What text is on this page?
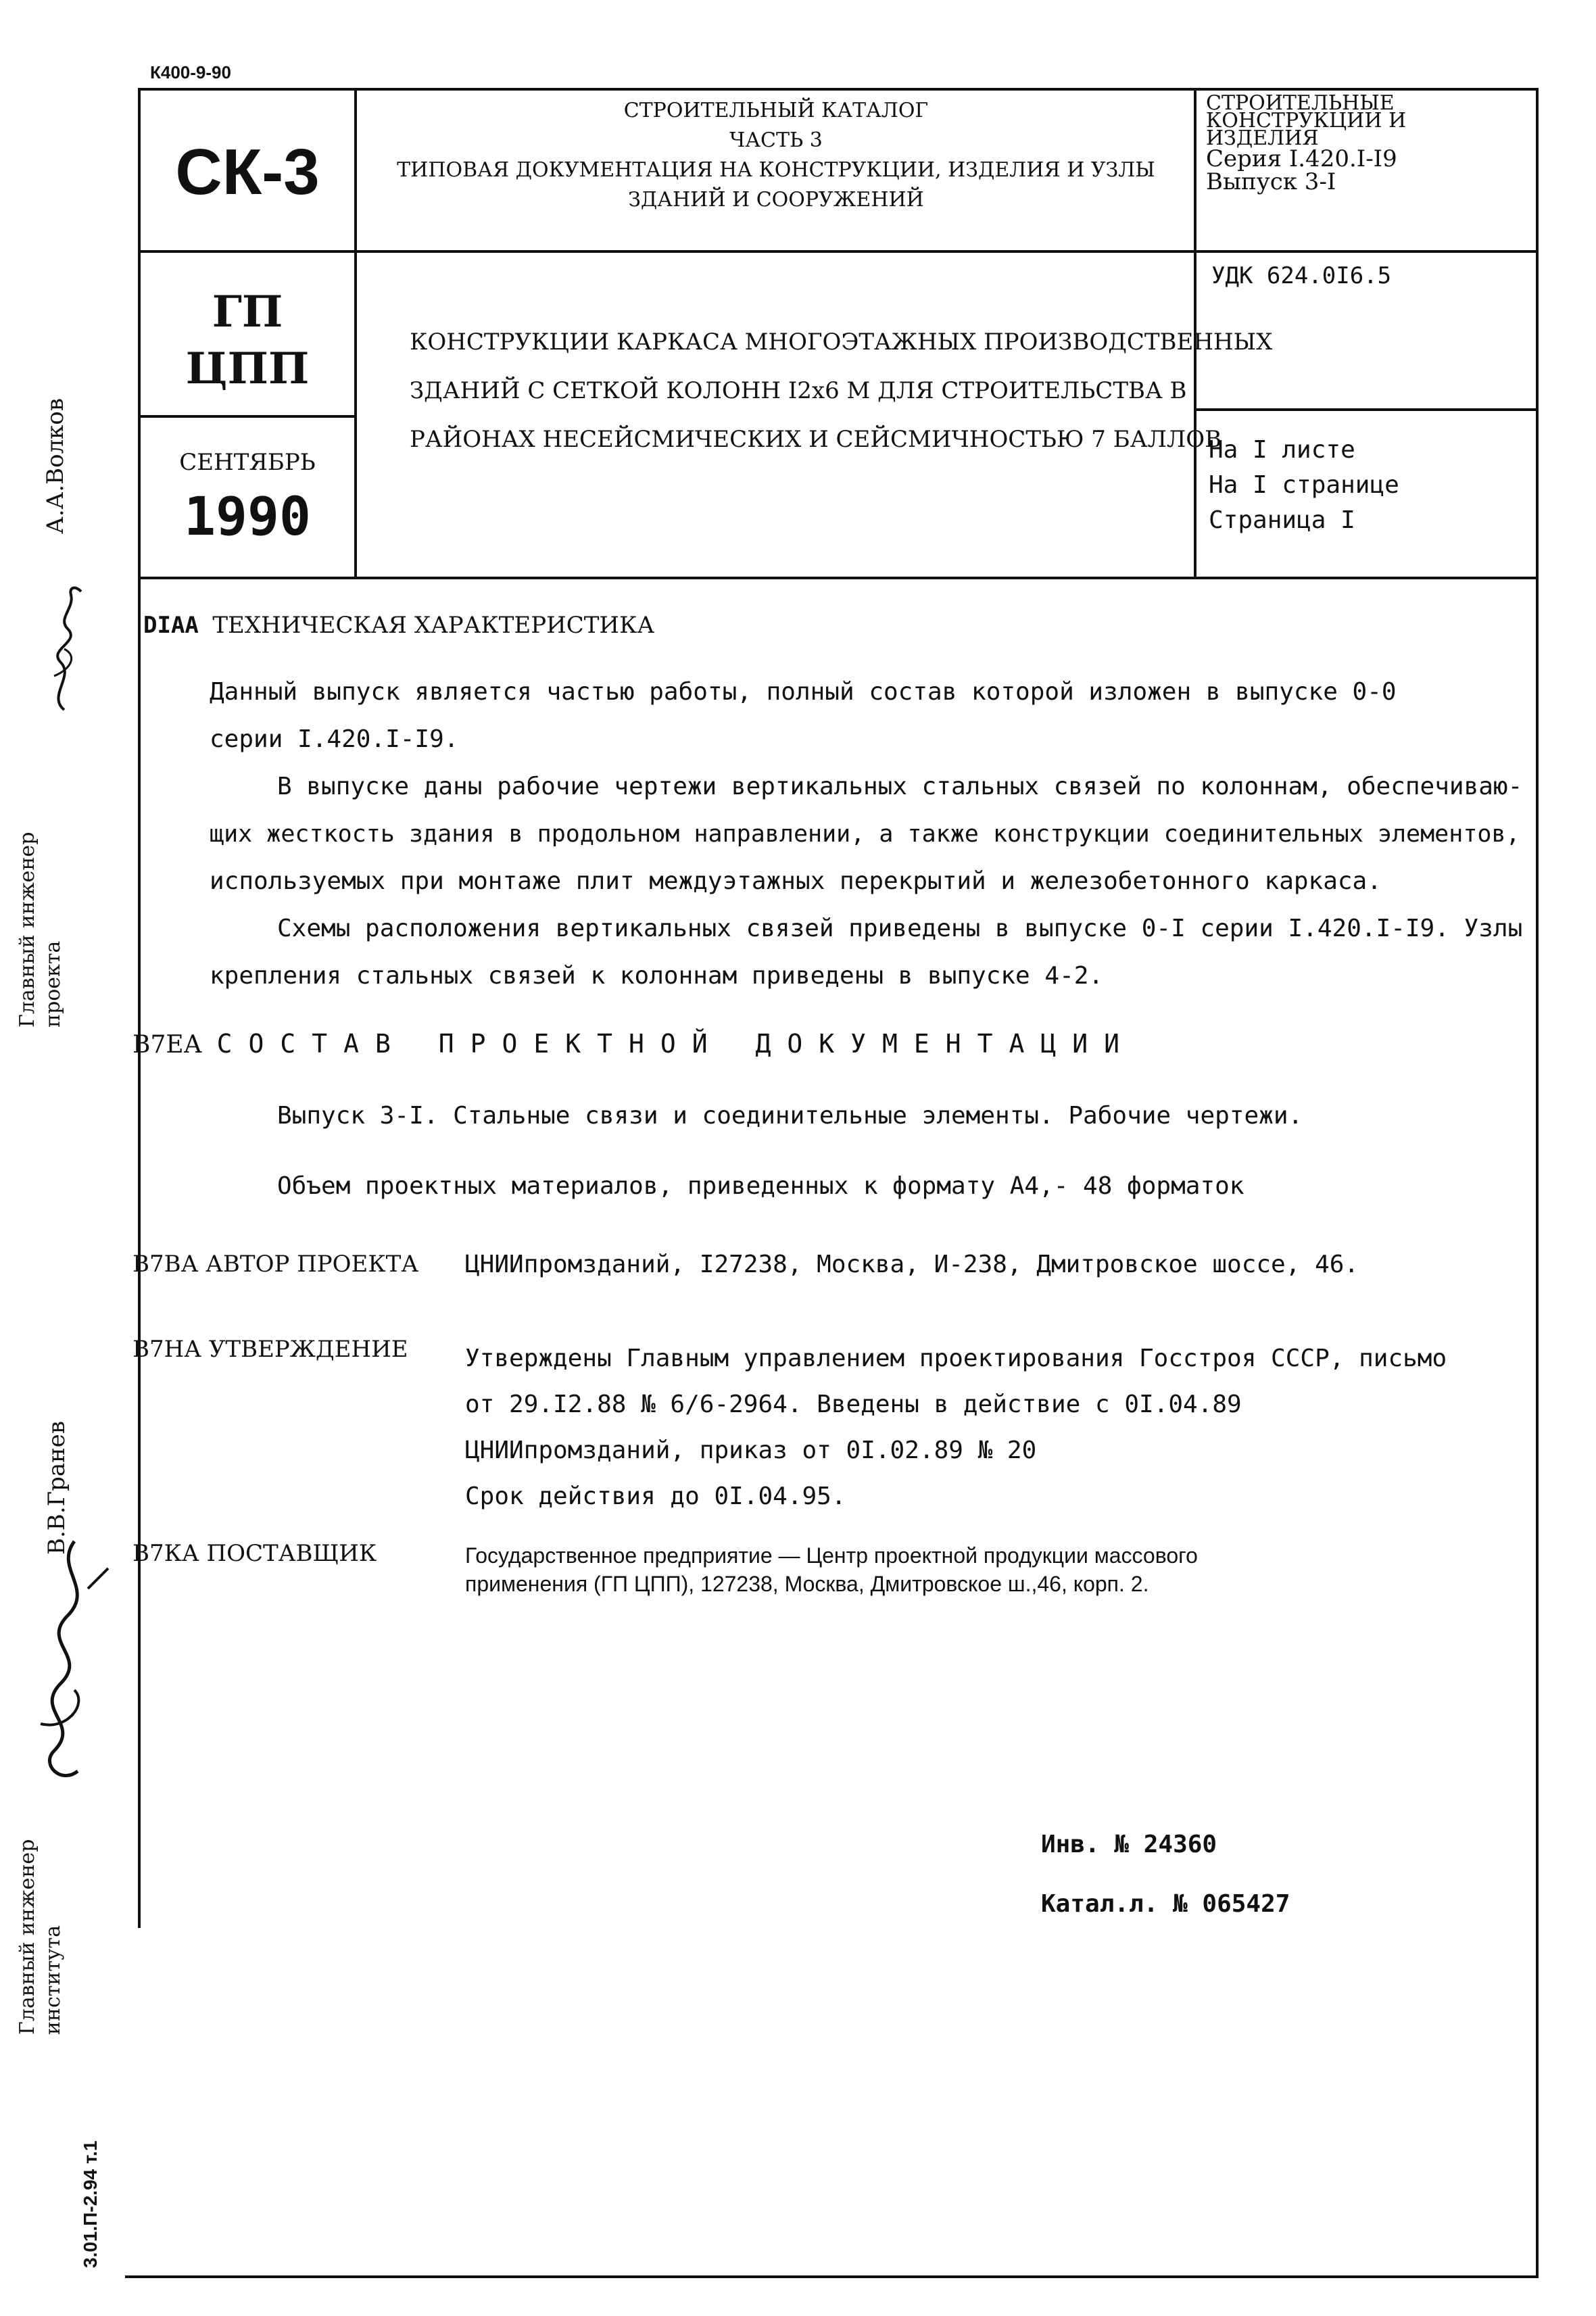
К400-9-90
СК-3
СТРОИТЕЛЬНЫЙ КАТАЛОГ
ЧАСТЬ 3
ТИПОВАЯ ДОКУМЕНТАЦИЯ НА КОНСТРУКЦИИ, ИЗДЕЛИЯ И УЗЛЫ
ЗДАНИЙ И СООРУЖЕНИЙ
СТРОИТЕЛЬНЫЕ
КОНСТРУКЦИИ И
ИЗДЕЛИЯ
Серия I.420.I-I9
Выпуск 3-I
ГП
ЦПП
КОНСТРУКЦИИ КАРКАСА МНОГОЭТАЖНЫХ ПРОИЗВОДСТВЕННЫХ
ЗДАНИЙ С СЕТКОЙ КОЛОНН I2x6 М ДЛЯ СТРОИТЕЛЬСТВА В
РАЙОНАХ НЕСЕЙСМИЧЕСКИХ И СЕЙСМИЧНОСТЬЮ 7 БАЛЛОВ
УДК 624.0I6.5
СЕНТЯБРЬ
1990
На I листе
На I странице
Страница I
А.А.Волков
Главный инженер проекта
В.В.Гранев
Главный инженер института
3.01.П-2.94 т.1
DIAA ТЕХНИЧЕСКАЯ ХАРАКТЕРИСТИКА
Данный выпуск является частью работы, полный состав которой изложен в выпуске 0-0
серии I.420.I-I9.
В выпуске даны рабочие чертежи вертикальных стальных связей по колоннам, обеспечиваю-
щих жесткость здания в продольном направлении, а также конструкции соединительных элементов,
используемых при монтаже плит междуэтажных перекрытий и железобетонного каркаса.
Схемы расположения вертикальных связей приведены в выпуске 0-I серии I.420.I-I9. Узлы
крепления стальных связей к колоннам приведены в выпуске 4-2.
В7ЕА СОСТАВ ПРОЕКТНОЙ ДОКУМЕНТАЦИИ
Выпуск 3-I. Стальные связи и соединительные элементы. Рабочие чертежи.
Объем проектных материалов, приведенных к формату А4,- 48 форматок
В7ВА АВТОР ПРОЕКТА ЦНИИпромзданий, I27238, Москва, И-238, Дмитровское шоссе, 46.
В7НА УТВЕРЖДЕНИЕ Утверждены Главным управлением проектирования Госстроя СССР, письмо
от 29.I2.88 № 6/6-2964. Введены в действие с 0I.04.89
ЦНИИпромзданий, приказ от 0I.02.89 № 20
Срок действия до 0I.04.95.
В7КА ПОСТАВЩИК	Государственное предприятие — Центр проектной продукции массового
применения (ГП ЦПП), 127238, Москва, Дмитровское ш.,46, корп. 2.
Инв. № 24360
Катал.л. № 065427
